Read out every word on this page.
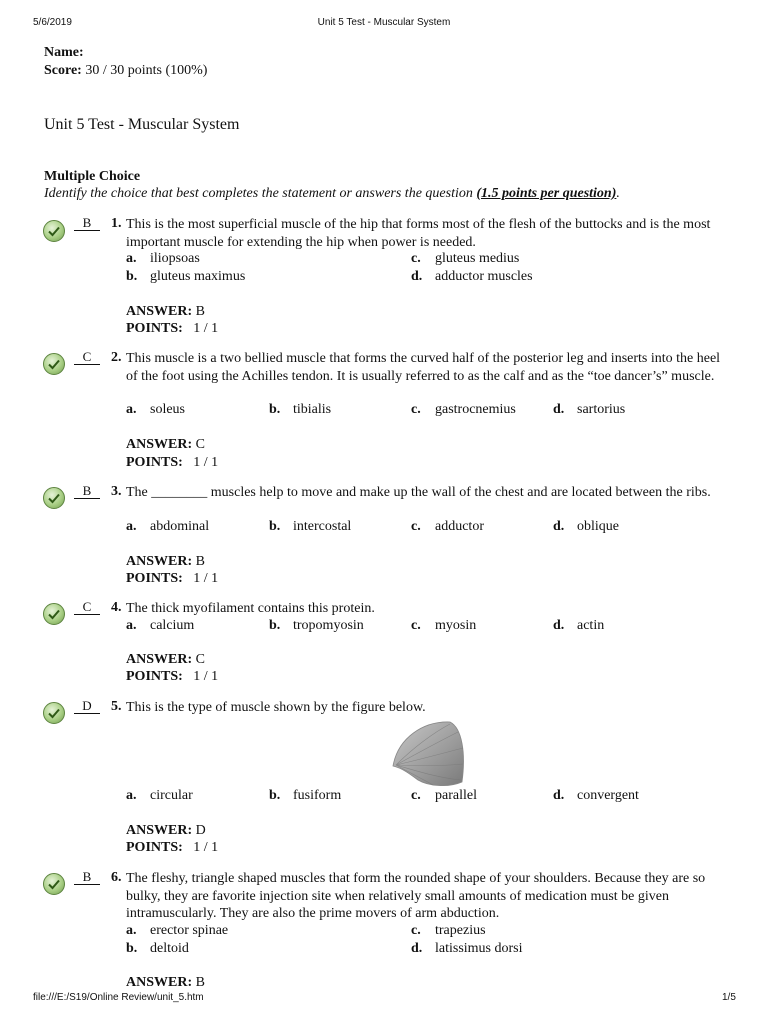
5/6/2019	Unit 5 Test - Muscular System
file:///E:/S19/Online Review/unit_5.htm	1/5
Name:
Score: 30 / 30 points (100%)
Unit 5 Test - Muscular System
Multiple Choice
Identify the choice that best completes the statement or answers the question (1.5 points per question).
B	1. This is the most superficial muscle of the hip that forms most of the flesh of the buttocks and is the most important muscle for extending the hip when power is needed.
a. iliopsoas	c. gluteus medius
b. gluteus maximus	d. adductor muscles
ANSWER: B
POINTS: 1 / 1
C	2. This muscle is a two bellied muscle that forms the curved half of the posterior leg and inserts into the heel of the foot using the Achilles tendon. It is usually referred to as the calf and as the “toe dancer’s” muscle.
a. soleus	b. tibialis	c. gastrocnemius	d. sartorius
ANSWER: C
POINTS: 1 / 1
B	3. The ________ muscles help to move and make up the wall of the chest and are located between the ribs.
a. abdominal	b. intercostal	c. adductor	d. oblique
ANSWER: B
POINTS: 1 / 1
C	4. The thick myofilament contains this protein.
a. calcium	b. tropomyosin	c. myosin	d. actin
ANSWER: C
POINTS: 1 / 1
D	5. This is the type of muscle shown by the figure below.
a. circular	b. fusiform	c. parallel	d. convergent
ANSWER: D
POINTS: 1 / 1
B	6. The fleshy, triangle shaped muscles that form the rounded shape of your shoulders. Because they are so bulky, they are favorite injection site when relatively small amounts of medication must be given intramuscularly. They are also the prime movers of arm abduction.
a. erector spinae	c. trapezius
b. deltoid	d. latissimus dorsi
ANSWER: B
